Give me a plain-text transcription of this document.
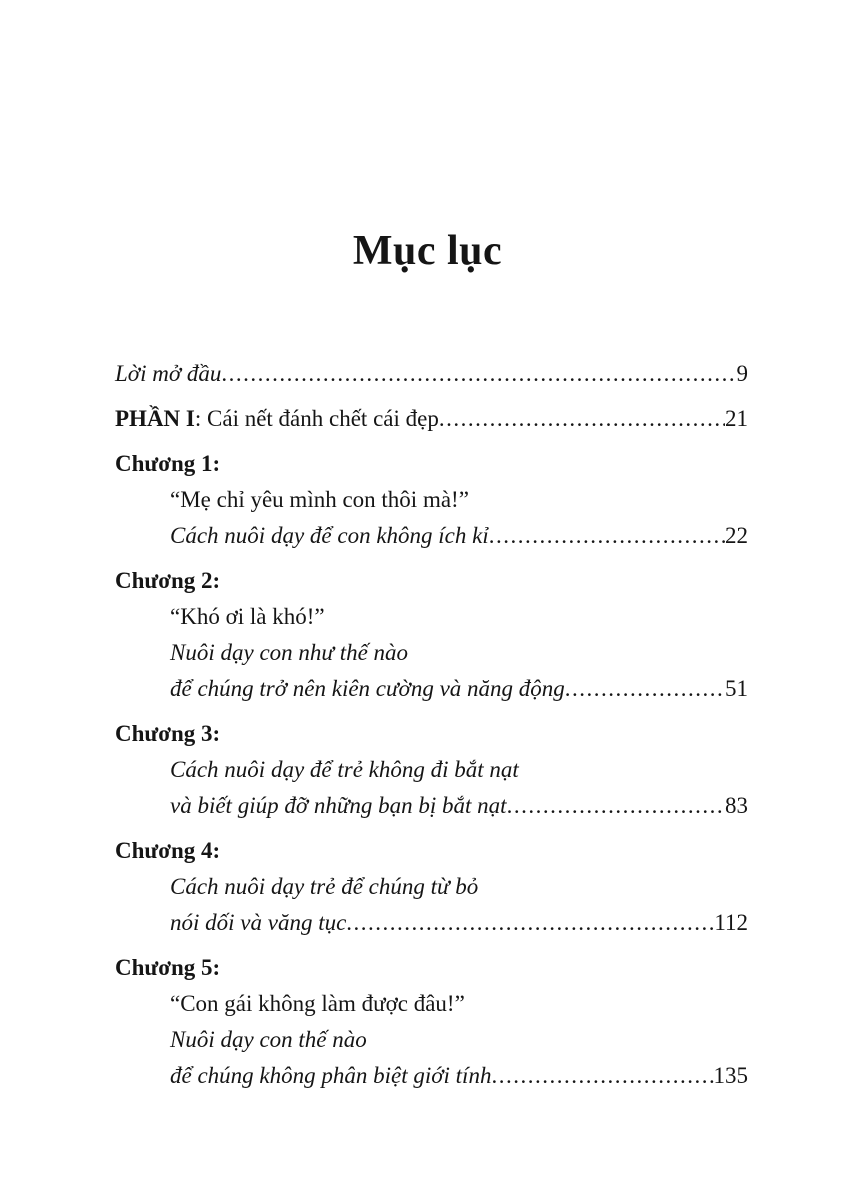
Mục lục
Lời mở đầu .....	9
PHẦN I: Cái nết đánh chết cái đẹp .....	21
Chương 1:
“Mẹ chỉ yêu mình con thôi mà!”
Cách nuôi dạy để con không ích kỉ .....	22
Chương 2:
“Khó ơi là khó!”
Nuôi dạy con như thế nào
để chúng trở nên kiên cường và năng động .....	51
Chương 3:
Cách nuôi dạy để trẻ không đi bắt nạt
và biết giúp đỡ những bạn bị bắt nạt .....	83
Chương 4:
Cách nuôi dạy trẻ để chúng từ bỏ
nói dối và văng tục .....	112
Chương 5:
“Con gái không làm được đâu!”
Nuôi dạy con thế nào
để chúng không phân biệt giới tính .....	135
